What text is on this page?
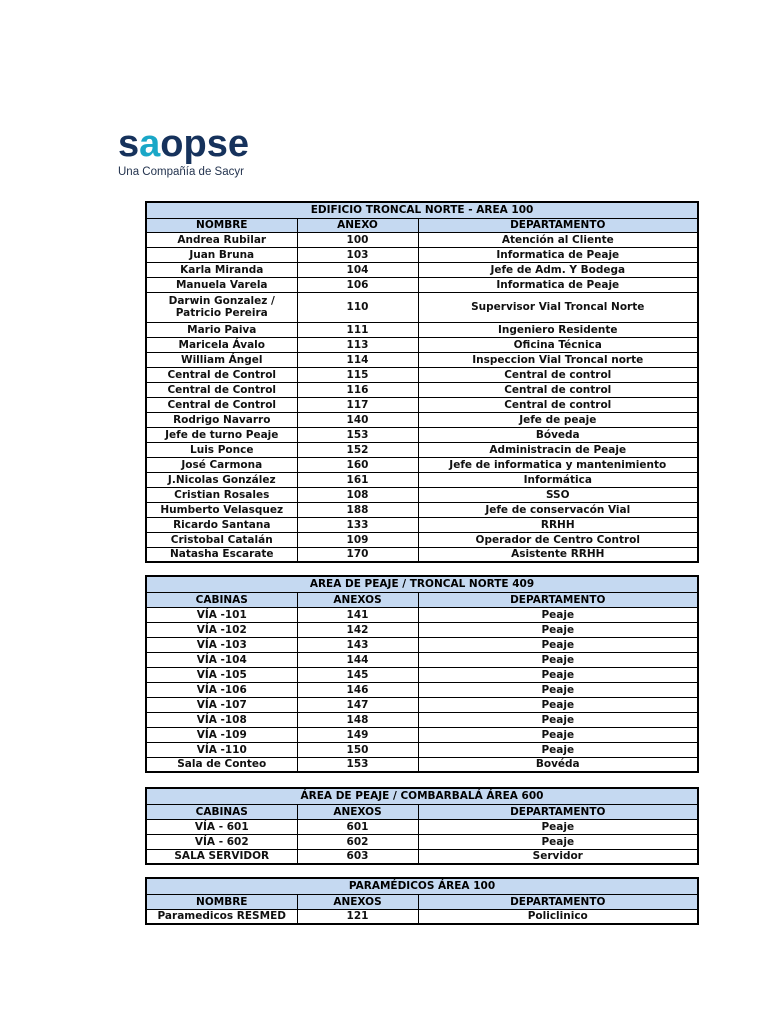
saopse
Una Compañía de Sacyr
EDIFICIO TRONCAL NORTE - AREA 100		
NOMBRE	ANEXO	DEPARTAMENTO
Andrea Rubilar	100	Atención al Cliente
Juan Bruna	103	Informatica de Peaje
Karla Miranda	104	Jefe de Adm. Y Bodega
Manuela Varela	106	Informatica de Peaje
Darwin Gonzalez / Patricio Pereira	110	Supervisor Vial Troncal Norte
Mario Paiva	111	Ingeniero Residente
Maricela Ávalo	113	Oficina Técnica
William Ángel	114	Inspeccion Vial Troncal norte
Central de Control	115	Central de control
Central de Control	116	Central de control
Central de Control	117	Central de control
Rodrigo Navarro	140	Jefe de peaje
Jefe de turno Peaje	153	Bóveda
Luis Ponce	152	Administracin de Peaje
José Carmona	160	Jefe de informatica y mantenimiento
J.Nicolas González	161	Informática
Cristian Rosales	108	SSO
Humberto Velasquez	188	Jefe de conservacón Vial
Ricardo Santana	133	RRHH
Cristobal Catalán	109	Operador de Centro Control
Natasha Escarate	170	Asistente RRHH
AREA DE PEAJE / TRONCAL NORTE 409		
CABINAS	ANEXOS	DEPARTAMENTO
VÍA -101	141	Peaje
VÍA -102	142	Peaje
VÍA -103	143	Peaje
VÍA -104	144	Peaje
VÍA -105	145	Peaje
VÍA -106	146	Peaje
VÍA -107	147	Peaje
VÍA -108	148	Peaje
VÍA -109	149	Peaje
VÍA -110	150	Peaje
Sala de Conteo	153	Bovéda
ÁREA DE PEAJE / COMBARBALÁ ÁREA 600		
CABINAS	ANEXOS	DEPARTAMENTO
VÍA - 601	601	Peaje
VÍA - 602	602	Peaje
SALA SERVIDOR	603	Servidor
PARAMÉDICOS ÁREA 100		
NOMBRE	ANEXOS	DEPARTAMENTO
Paramedicos RESMED	121	Policlinico
